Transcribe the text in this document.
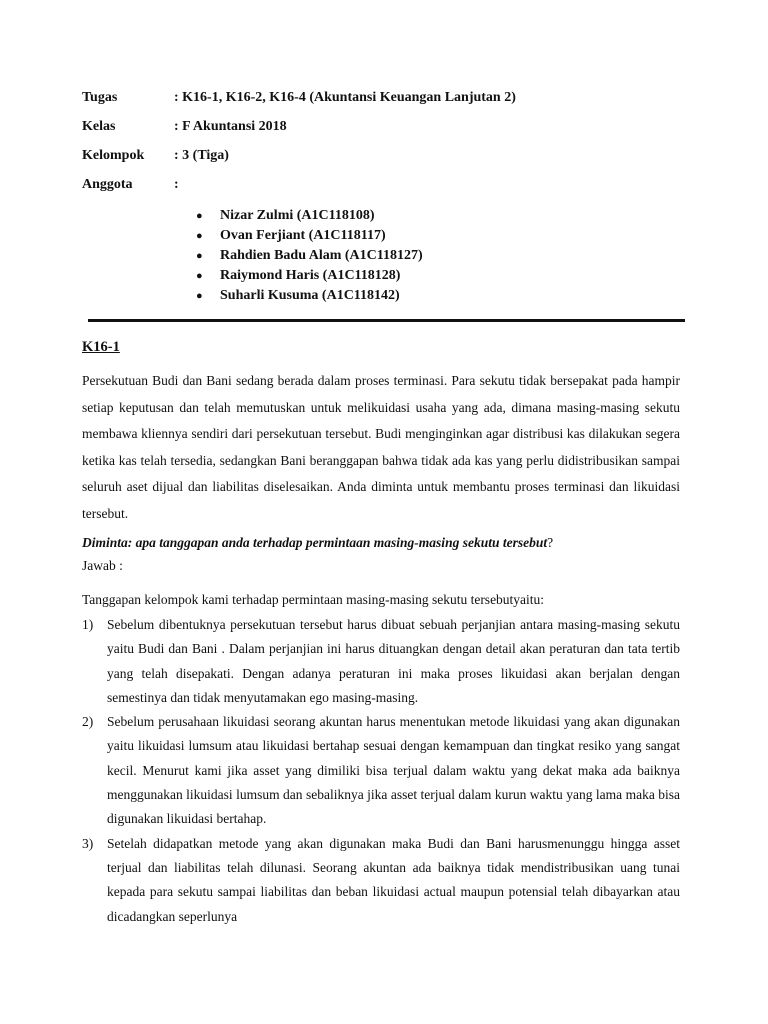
Tugas	: K16-1, K16-2, K16-4 (Akuntansi Keuangan Lanjutan 2)
Kelas	: F Akuntansi 2018
Kelompok	: 3 (Tiga)
Anggota	:
●	Nizar Zulmi (A1C118108)
●	Ovan Ferjiant (A1C118117)
●	Rahdien Badu Alam (A1C118127)
●	Raiymond Haris (A1C118128)
●	Suharli Kusuma (A1C118142)
K16-1

Persekutuan Budi dan Bani sedang berada dalam proses terminasi. Para sekutu tidak bersepakat pada hampir setiap keputusan dan telah memutuskan untuk melikuidasi usaha yang ada, dimana masing-masing sekutu membawa kliennya sendiri dari persekutuan tersebut. Budi menginginkan agar distribusi kas dilakukan segera ketika kas telah tersedia, sedangkan Bani beranggapan bahwa tidak ada kas yang perlu didistribusikan sampai seluruh aset dijual dan liabilitas diselesaikan. Anda diminta untuk membantu proses terminasi dan likuidasi tersebut.

Diminta: apa tanggapan anda terhadap permintaan masing-masing sekutu tersebut?
Jawab :
Tanggapan kelompok kami terhadap permintaan masing-masing sekutu tersebutyaitu:
1)	Sebelum dibentuknya persekutuan tersebut harus dibuat sebuah perjanjian antara masing-masing sekutu yaitu Budi dan Bani . Dalam perjanjian ini harus dituangkan dengan detail akan peraturan dan tata tertib yang telah disepakati. Dengan adanya peraturan ini maka proses likuidasi akan berjalan dengan semestinya dan tidak menyutamakan ego masing-masing.
2)	Sebelum perusahaan likuidasi seorang akuntan harus menentukan metode likuidasi yang akan digunakan yaitu likuidasi lumsum atau likuidasi bertahap sesuai dengan kemampuan dan tingkat resiko yang sangat kecil. Menurut kami jika asset yang dimiliki bisa terjual dalam waktu yang dekat maka ada baiknya menggunakan likuidasi lumsum dan sebaliknya jika asset terjual dalam kurun waktu yang lama maka bisa digunakan likuidasi bertahap.
3)	Setelah didapatkan metode yang akan digunakan maka Budi dan Bani harusmenunggu hingga asset terjual dan liabilitas telah dilunasi. Seorang akuntan ada baiknya tidak mendistribusikan uang tunai kepada para sekutu sampai liabilitas dan beban likuidasi actual maupun potensial telah dibayarkan atau dicadangkan seperlunya
